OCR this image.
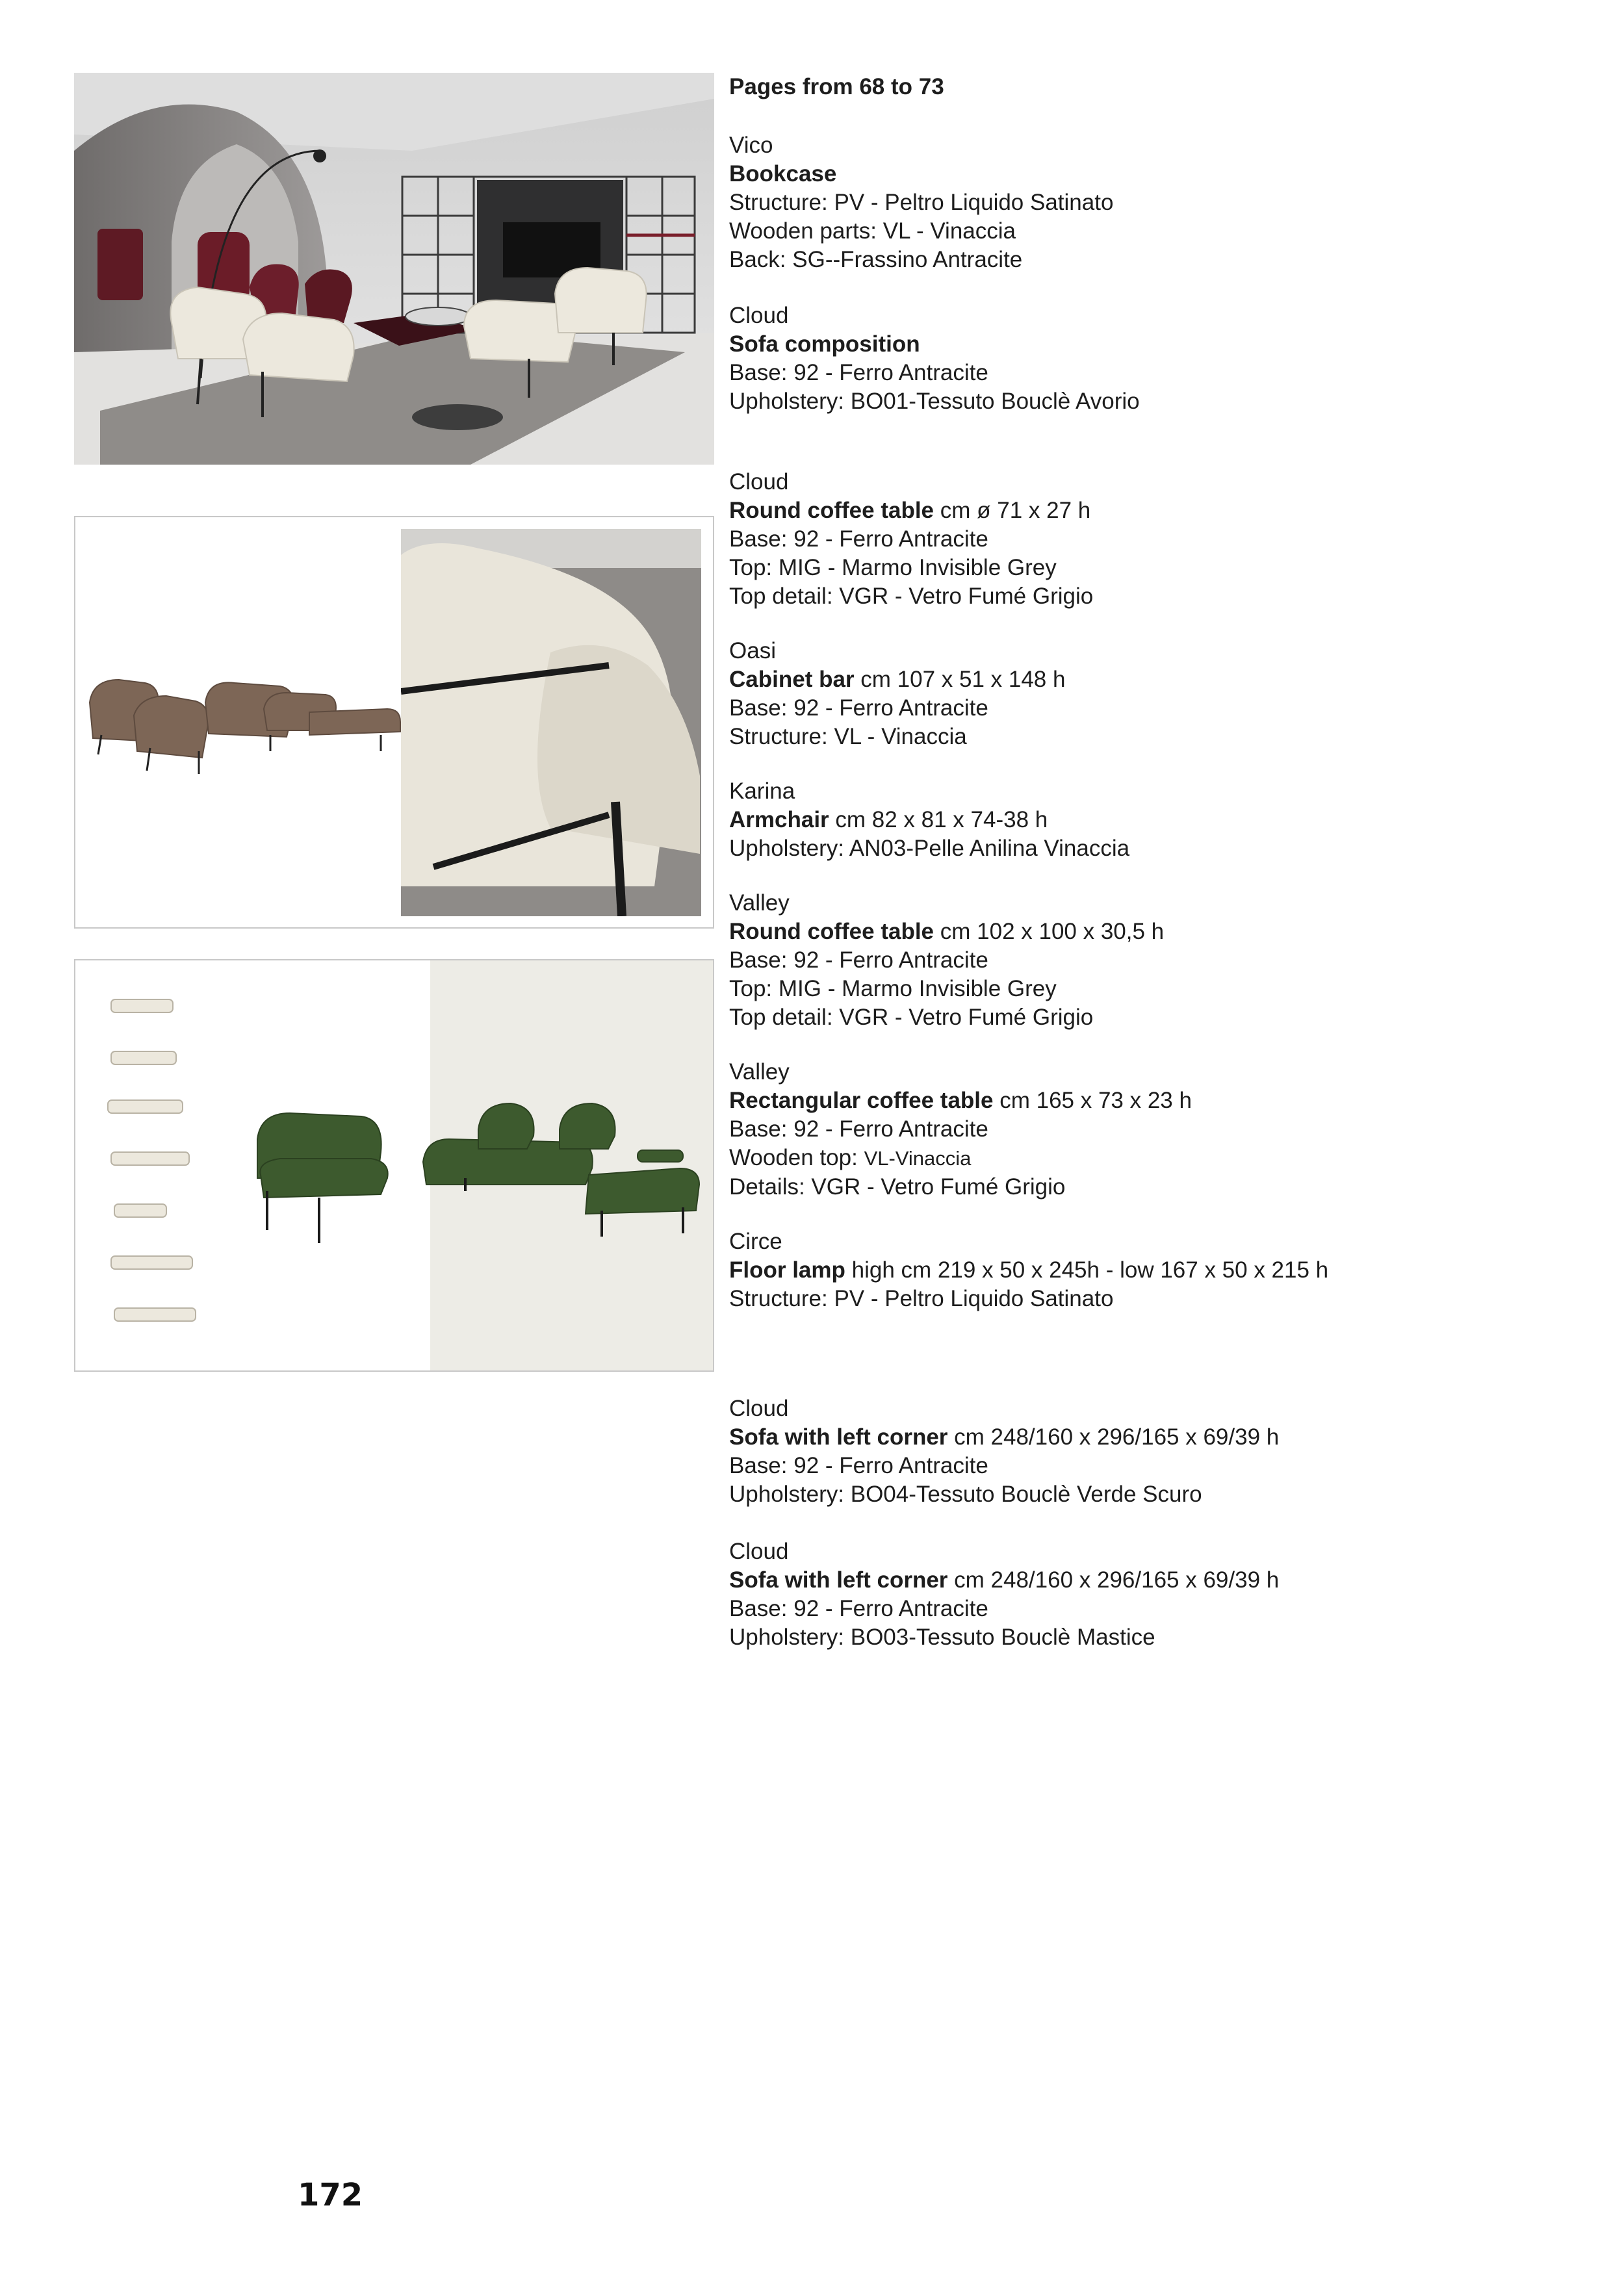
Pages from 68 to 73

Vico

Bookcase

Structure: PV - Peltro Liquido Satinato

Wooden parts: VL - Vinaccia

Back: SG--Frassino Antracite

Cloud

Sofa composition

Base: 92 - Ferro Antracite

Upholstery: BO01-Tessuto Bouclè Avorio

Cloud

Round coffee table cm ø 71 x 27 h

Base: 92 - Ferro Antracite

Top: MIG - Marmo Invisible Grey

Top detail: VGR - Vetro Fumé Grigio

Oasi

Cabinet bar cm 107 x 51 x 148 h

Base: 92 - Ferro Antracite

Structure: VL - Vinaccia

Karina

Armchair cm 82 x 81 x 74-38 h

Upholstery: AN03-Pelle Anilina Vinaccia

Valley

Round coffee table cm 102 x 100 x 30,5 h

Base: 92 - Ferro Antracite

Top: MIG - Marmo Invisible Grey

Top detail: VGR - Vetro Fumé Grigio

Valley

Rectangular coffee table cm 165 x 73 x 23 h

Base: 92 - Ferro Antracite

Wooden top: VL-Vinaccia

Details: VGR - Vetro Fumé Grigio

Circe

Floor lamp high cm 219 x 50 x 245h - low 167 x 50 x 215 h

Structure: PV - Peltro Liquido Satinato

Cloud

Sofa with left corner cm 248/160 x 296/165 x 69/39 h

Base: 92 - Ferro Antracite

Upholstery: BO04-Tessuto Bouclè Verde Scuro

Cloud

Sofa with left corner cm 248/160 x 296/165 x 69/39 h

Base: 92 - Ferro Antracite

Upholstery: BO03-Tessuto Bouclè Mastice

172
